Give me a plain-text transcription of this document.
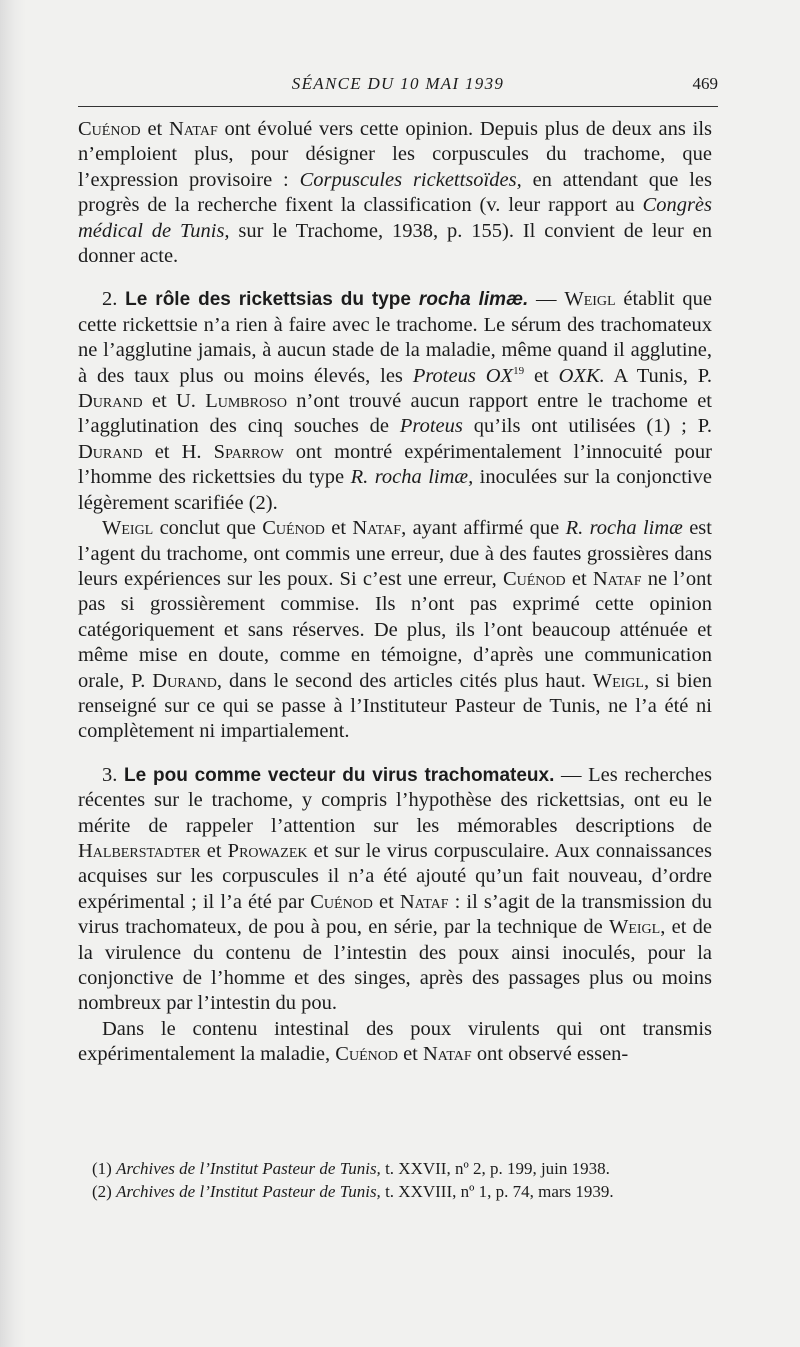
SÉANCE DU 10 MAI 1939	469

Cuénod et Nataf ont évolué vers cette opinion. Depuis plus de deux ans ils n’emploient plus, pour désigner les corpuscules du trachome, que l’expression provisoire : Corpuscules rickettsoïdes, en attendant que les progrès de la recherche fixent la classification (v. leur rapport au Congrès médical de Tunis, sur le Trachome, 1938, p. 155). Il convient de leur en donner acte.

2. Le rôle des rickettsias du type rocha limæ. — Weigl établit que cette rickettsie n’a rien à faire avec le trachome. Le sérum des trachomateux ne l’agglutine jamais, à aucun stade de la maladie, même quand il agglutine, à des taux plus ou moins élevés, les Proteus OX$^{19}$ et OXK. A Tunis, P. Durand et U. Lumbroso n’ont trouvé aucun rapport entre le trachome et l’agglutination des cinq souches de Proteus qu’ils ont utilisées (1) ; P. Durand et H. Sparrow ont montré expérimentalement l’innocuité pour l’homme des rickettsies du type R. rocha limæ, inoculées sur la conjonctive légèrement scarifiée (2).

Weigl conclut que Cuénod et Nataf, ayant affirmé que R. rocha limæ est l’agent du trachome, ont commis une erreur, due à des fautes grossières dans leurs expériences sur les poux. Si c’est une erreur, Cuénod et Nataf ne l’ont pas si grossièrement commise. Ils n’ont pas exprimé cette opinion catégoriquement et sans réserves. De plus, ils l’ont beaucoup atténuée et même mise en doute, comme en témoigne, d’après une communication orale, P. Durand, dans le second des articles cités plus haut. Weigl, si bien renseigné sur ce qui se passe à l’Instituteur Pasteur de Tunis, ne l’a été ni complètement ni impartialement.

3. Le pou comme vecteur du virus trachomateux. — Les recherches récentes sur le trachome, y compris l’hypothèse des rickettsias, ont eu le mérite de rappeler l’attention sur les mémorables descriptions de Halberstadter et Prowazek et sur le virus corpusculaire. Aux connaissances acquises sur les corpuscules il n’a été ajouté qu’un fait nouveau, d’ordre expérimental ; il l’a été par Cuénod et Nataf : il s’agit de la transmission du virus trachomateux, de pou à pou, en série, par la technique de Weigl, et de la virulence du contenu de l’intestin des poux ainsi inoculés, pour la conjonctive de l’homme et des singes, après des passages plus ou moins nombreux par l’intestin du pou.

Dans le contenu intestinal des poux virulents qui ont transmis expérimentalement la maladie, Cuénod et Nataf ont observé essen-

(1) Archives de l’Institut Pasteur de Tunis, t. XXVII, nº 2, p. 199, juin 1938.
(2) Archives de l’Institut Pasteur de Tunis, t. XXVIII, nº 1, p. 74, mars 1939.
